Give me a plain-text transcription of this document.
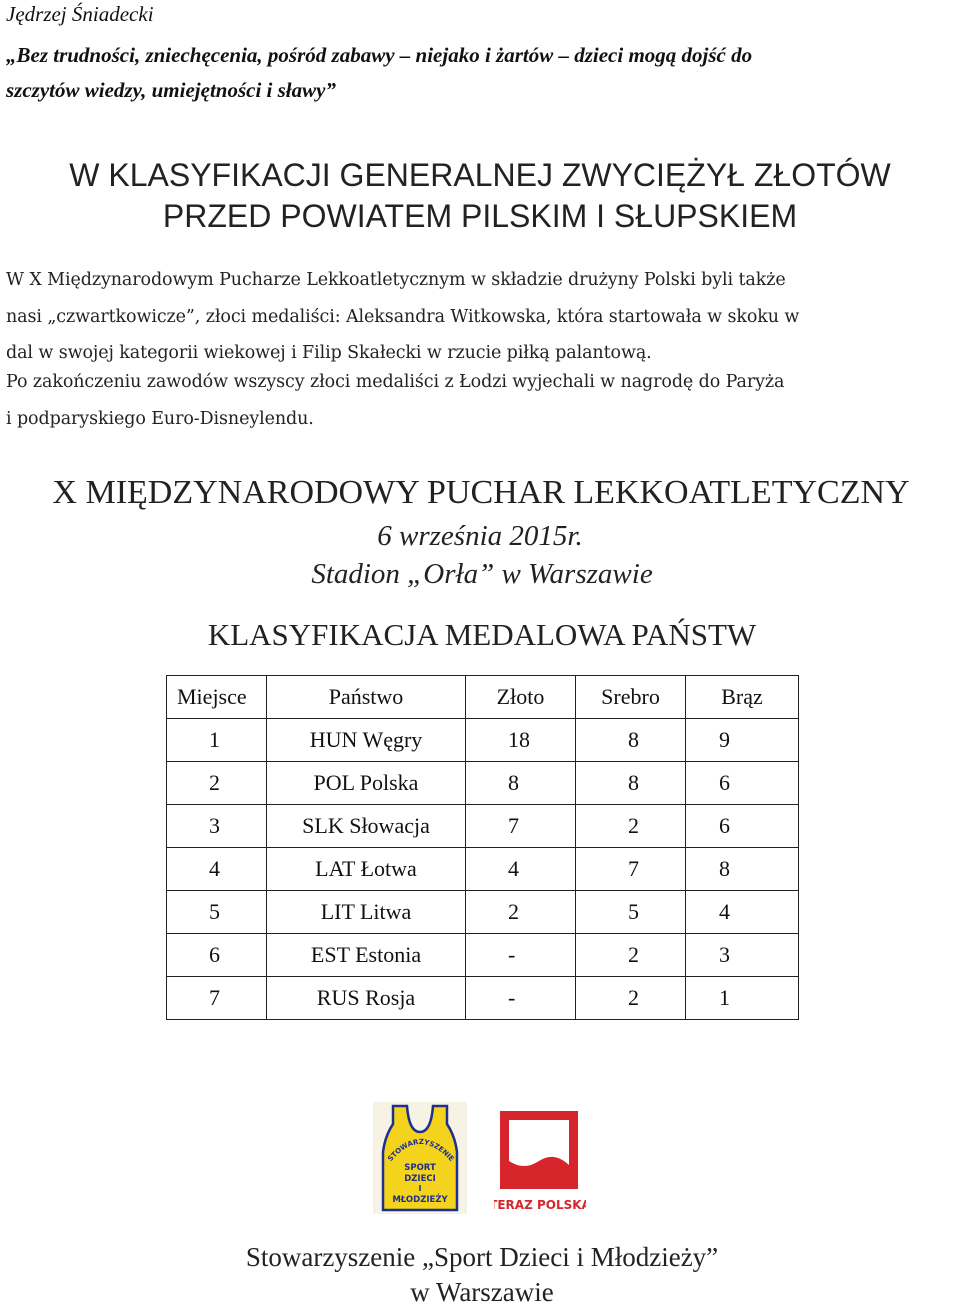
Jędrzej Śniadecki
„Bez trudności, zniechęcenia, pośród zabawy – niejako i żartów – dzieci mogą dojść do
szczytów wiedzy, umiejętności i sławy”
W KLASYFIKACJI GENERALNEJ ZWYCIĘŻYŁ ZŁOTÓW
PRZED POWIATEM PILSKIM I SŁUPSKIEM
W X Międzynarodowym Pucharze Lekkoatletycznym w składzie drużyny Polski byli także
nasi „czwartkowicze”, złoci medaliści: Aleksandra Witkowska, która startowała w skoku w
dal w swojej kategorii wiekowej i Filip Skałecki w rzucie piłką palantową.
Po zakończeniu zawodów wszyscy złoci medaliści z Łodzi wyjechali w nagrodę do Paryża
i podparyskiego Euro-Disneylendu.
X MIĘDZYNARODOWY PUCHAR LEKKOATLETYCZNY
6 września 2015r.
Stadion „Orła” w Warszawie
KLASYFIKACJA MEDALOWA PAŃSTW
Miejsce	Państwo	Złoto	Srebro	Brąz
1	HUN Węgry	18	8	9
2	POL Polska	8	8	6
3	SLK Słowacja	7	2	6
4	LAT Łotwa	4	7	8
5	LIT Litwa	2	5	4
6	EST Estonia	-	2	3
7	RUS Rosja	-	2	1
STOWARZYSZENIE
SPORT
DZIECI
I
MŁODZIEŻY	TERAZ POLSKA
Stowarzyszenie „Sport Dzieci i Młodzieży”
w Warszawie
